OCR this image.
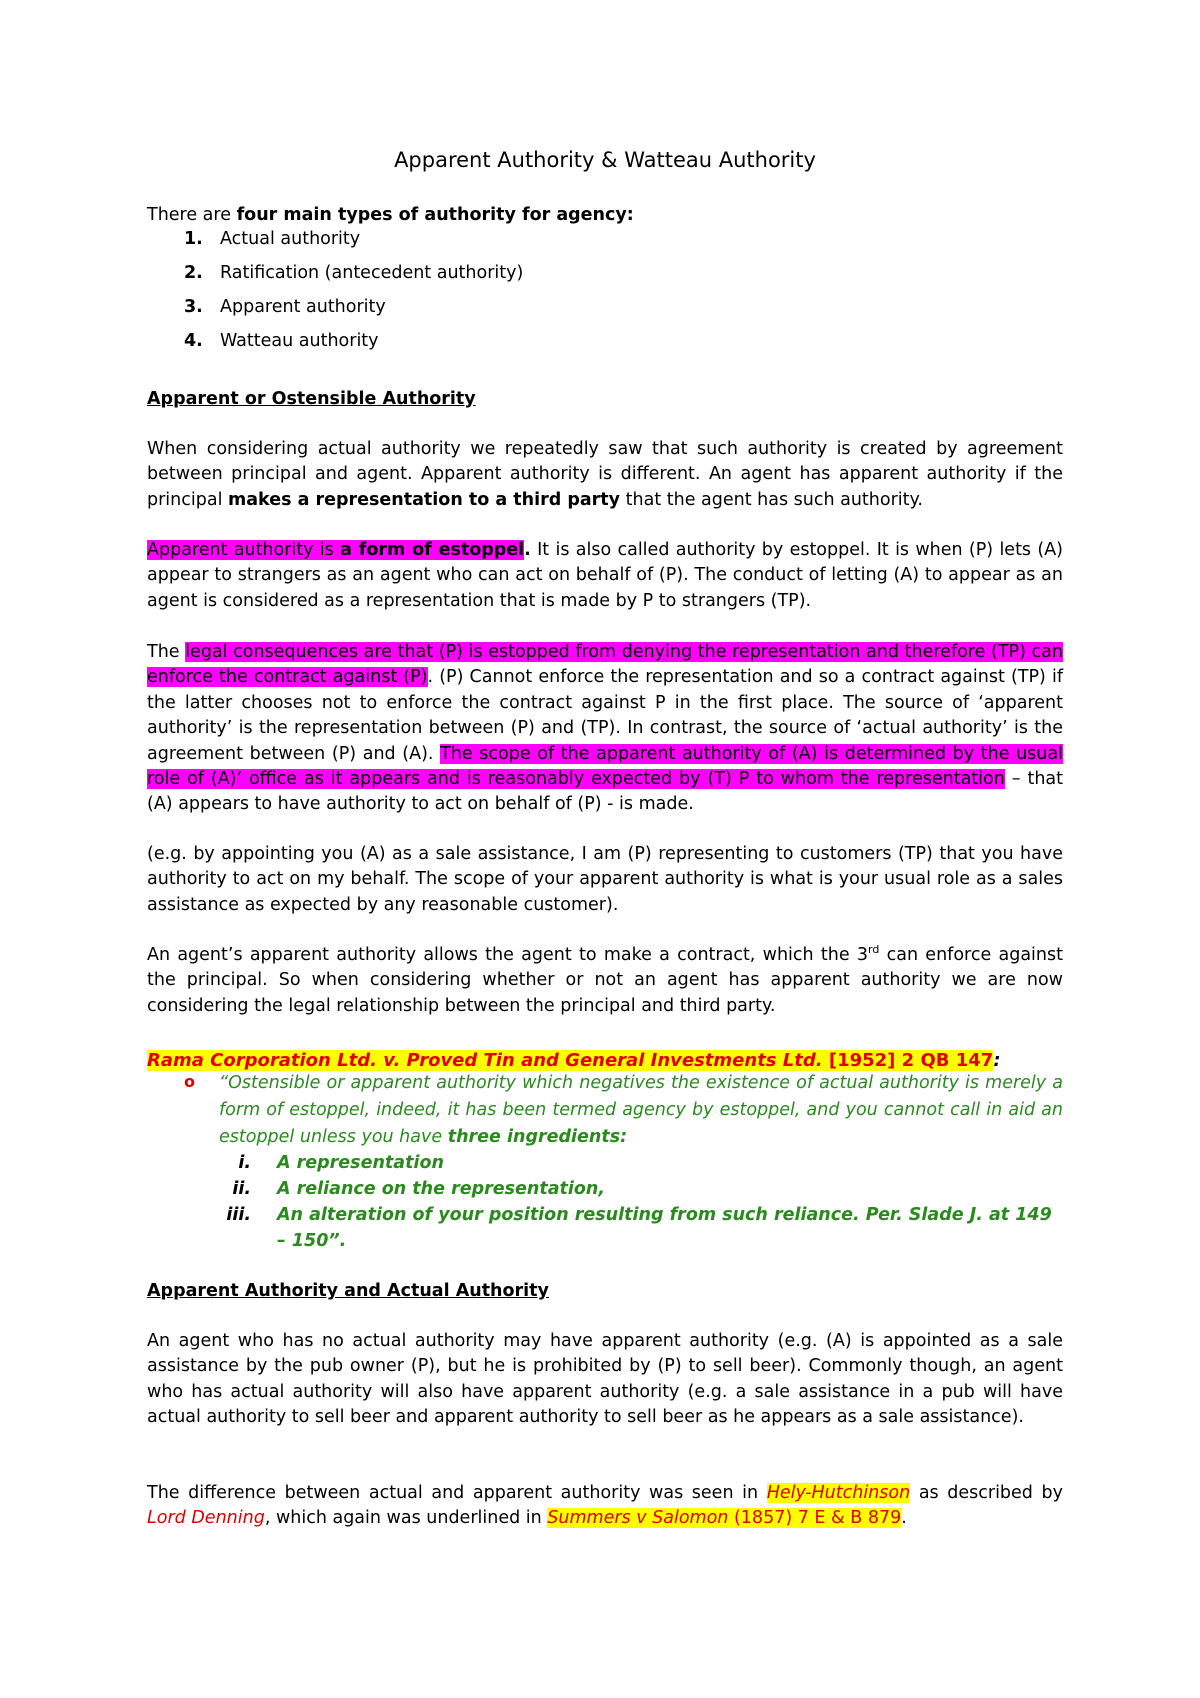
Apparent Authority & Watteau Authority
There are four main types of authority for agency:
1. Actual authority
2. Ratification (antecedent authority)
3. Apparent authority
4. Watteau authority
Apparent or Ostensible Authority
When considering actual authority we repeatedly saw that such authority is created by agreement between principal and agent. Apparent authority is different. An agent has apparent authority if the principal makes a representation to a third party that the agent has such authority.
Apparent authority is a form of estoppel. It is also called authority by estoppel. It is when (P) lets (A) appear to strangers as an agent who can act on behalf of (P). The conduct of letting (A) to appear as an agent is considered as a representation that is made by P to strangers (TP).
The legal consequences are that (P) is estopped from denying the representation and therefore (TP) can enforce the contract against (P). (P) Cannot enforce the representation and so a contract against (TP) if the latter chooses not to enforce the contract against P in the first place. The source of ‘apparent authority’ is the representation between (P) and (TP). In contrast, the source of ‘actual authority’ is the agreement between (P) and (A). The scope of the apparent authority of (A) is determined by the usual role of (A)’ office as it appears and is reasonably expected by (T) P to whom the representation – that (A) appears to have authority to act on behalf of (P) - is made.
(e.g. by appointing you (A) as a sale assistance, I am (P) representing to customers (TP) that you have authority to act on my behalf. The scope of your apparent authority is what is your usual role as a sales assistance as expected by any reasonable customer).
An agent’s apparent authority allows the agent to make a contract, which the 3rd can enforce against the principal. So when considering whether or not an agent has apparent authority we are now considering the legal relationship between the principal and third party.
Rama Corporation Ltd. v. Proved Tin and General Investments Ltd. [1952] 2 QB 147:
o “Ostensible or apparent authority which negatives the existence of actual authority is merely a form of estoppel, indeed, it has been termed agency by estoppel, and you cannot call in aid an estoppel unless you have three ingredients:
i. A representation
ii. A reliance on the representation,
iii. An alteration of your position resulting from such reliance. Per. Slade J. at 149 – 150”.
Apparent Authority and Actual Authority
An agent who has no actual authority may have apparent authority (e.g. (A) is appointed as a sale assistance by the pub owner (P), but he is prohibited by (P) to sell beer). Commonly though, an agent who has actual authority will also have apparent authority (e.g. a sale assistance in a pub will have actual authority to sell beer and apparent authority to sell beer as he appears as a sale assistance).
The difference between actual and apparent authority was seen in Hely-Hutchinson as described by Lord Denning, which again was underlined in Summers v Salomon (1857) 7 E & B 879.
